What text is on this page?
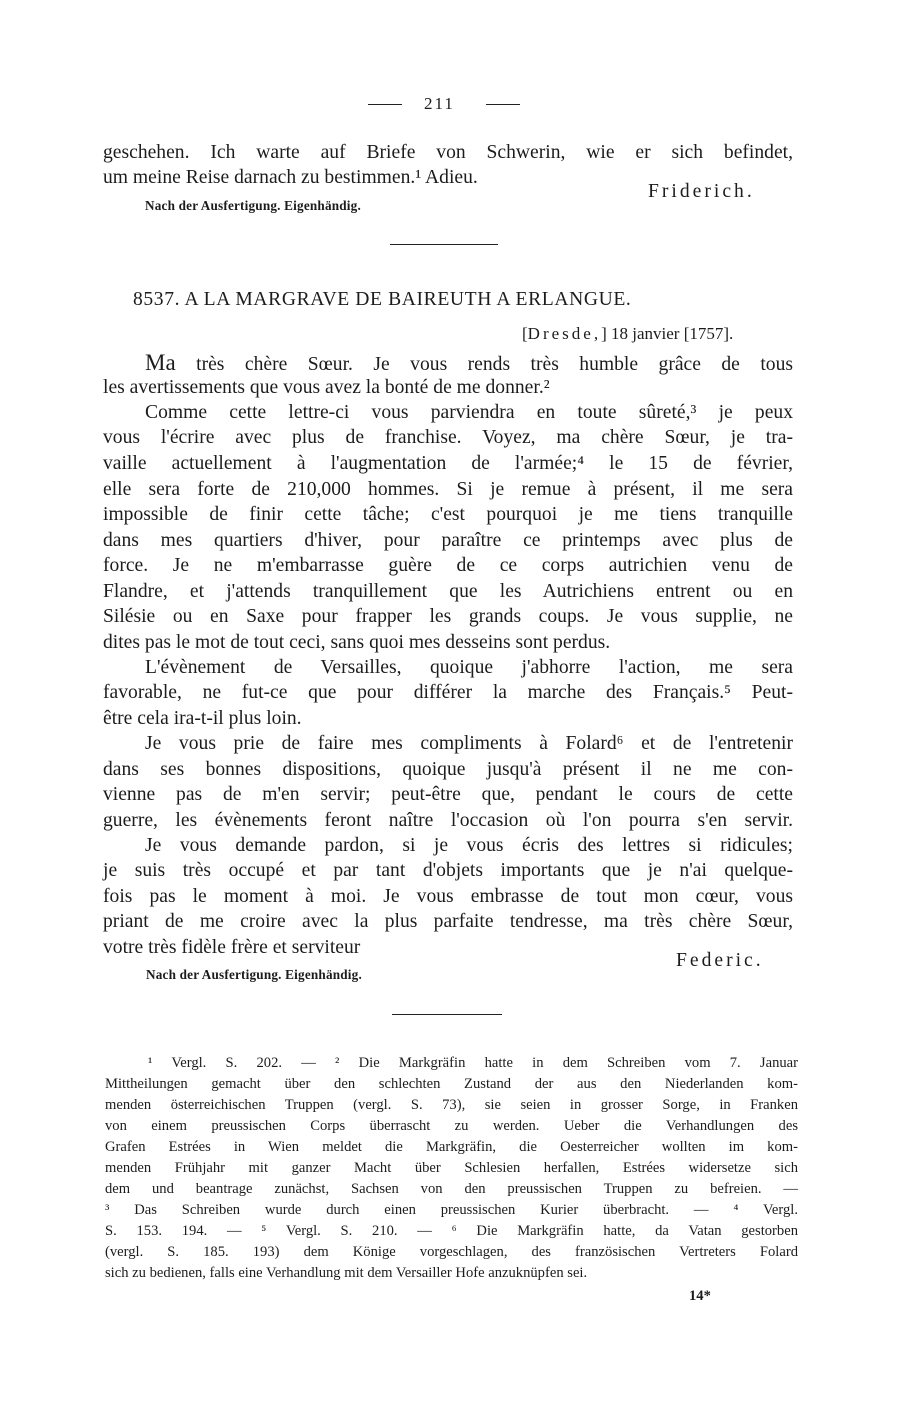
211
geschehen. Ich warte auf Briefe von Schwerin, wie er sich befindet,
um meine Reise darnach zu bestimmen.¹ Adieu.
Friderich.
Nach der Ausfertigung. Eigenhändig.
8537. A LA MARGRAVE DE BAIREUTH A ERLANGUE.
[Dresde,] 18 janvier [1757].
Ma très chère Sœur. Je vous rends très humble grâce de tous
les avertissements que vous avez la bonté de me donner.²
Comme cette lettre-ci vous parviendra en toute sûreté,³ je peux
vous l'écrire avec plus de franchise. Voyez, ma chère Sœur, je tra-
vaille actuellement à l'augmentation de l'armée;⁴ le 15 de février,
elle sera forte de 210,000 hommes. Si je remue à présent, il me sera
impossible de finir cette tâche; c'est pourquoi je me tiens tranquille
dans mes quartiers d'hiver, pour paraître ce printemps avec plus de
force. Je ne m'embarrasse guère de ce corps autrichien venu de
Flandre, et j'attends tranquillement que les Autrichiens entrent ou en
Silésie ou en Saxe pour frapper les grands coups. Je vous supplie, ne
dites pas le mot de tout ceci, sans quoi mes desseins sont perdus.
L'évènement de Versailles, quoique j'abhorre l'action, me sera
favorable, ne fut-ce que pour différer la marche des Français.⁵ Peut-
être cela ira-t-il plus loin.
Je vous prie de faire mes compliments à Folard⁶ et de l'entretenir
dans ses bonnes dispositions, quoique jusqu'à présent il ne me con-
vienne pas de m'en servir; peut-être que, pendant le cours de cette
guerre, les évènements feront naître l'occasion où l'on pourra s'en servir.
Je vous demande pardon, si je vous écris des lettres si ridicules;
je suis très occupé et par tant d'objets importants que je n'ai quelque-
fois pas le moment à moi. Je vous embrasse de tout mon cœur, vous
priant de me croire avec la plus parfaite tendresse, ma très chère Sœur,
votre très fidèle frère et serviteur
Federic.
Nach der Ausfertigung. Eigenhändig.
¹ Vergl. S. 202. — ² Die Markgräfin hatte in dem Schreiben vom 7. Januar
Mittheilungen gemacht über den schlechten Zustand der aus den Niederlanden kom-
menden österreichischen Truppen (vergl. S. 73), sie seien in grosser Sorge, in Franken
von einem preussischen Corps überrascht zu werden. Ueber die Verhandlungen des
Grafen Estrées in Wien meldet die Markgräfin, die Oesterreicher wollten im kom-
menden Frühjahr mit ganzer Macht über Schlesien herfallen, Estrées widersetze sich
dem und beantrage zunächst, Sachsen von den preussischen Truppen zu befreien. —
³ Das Schreiben wurde durch einen preussischen Kurier überbracht. — ⁴ Vergl.
S. 153. 194. — ⁵ Vergl. S. 210. — ⁶ Die Markgräfin hatte, da Vatan gestorben
(vergl. S. 185. 193) dem Könige vorgeschlagen, des französischen Vertreters Folard
sich zu bedienen, falls eine Verhandlung mit dem Versailler Hofe anzuknüpfen sei.
14*
